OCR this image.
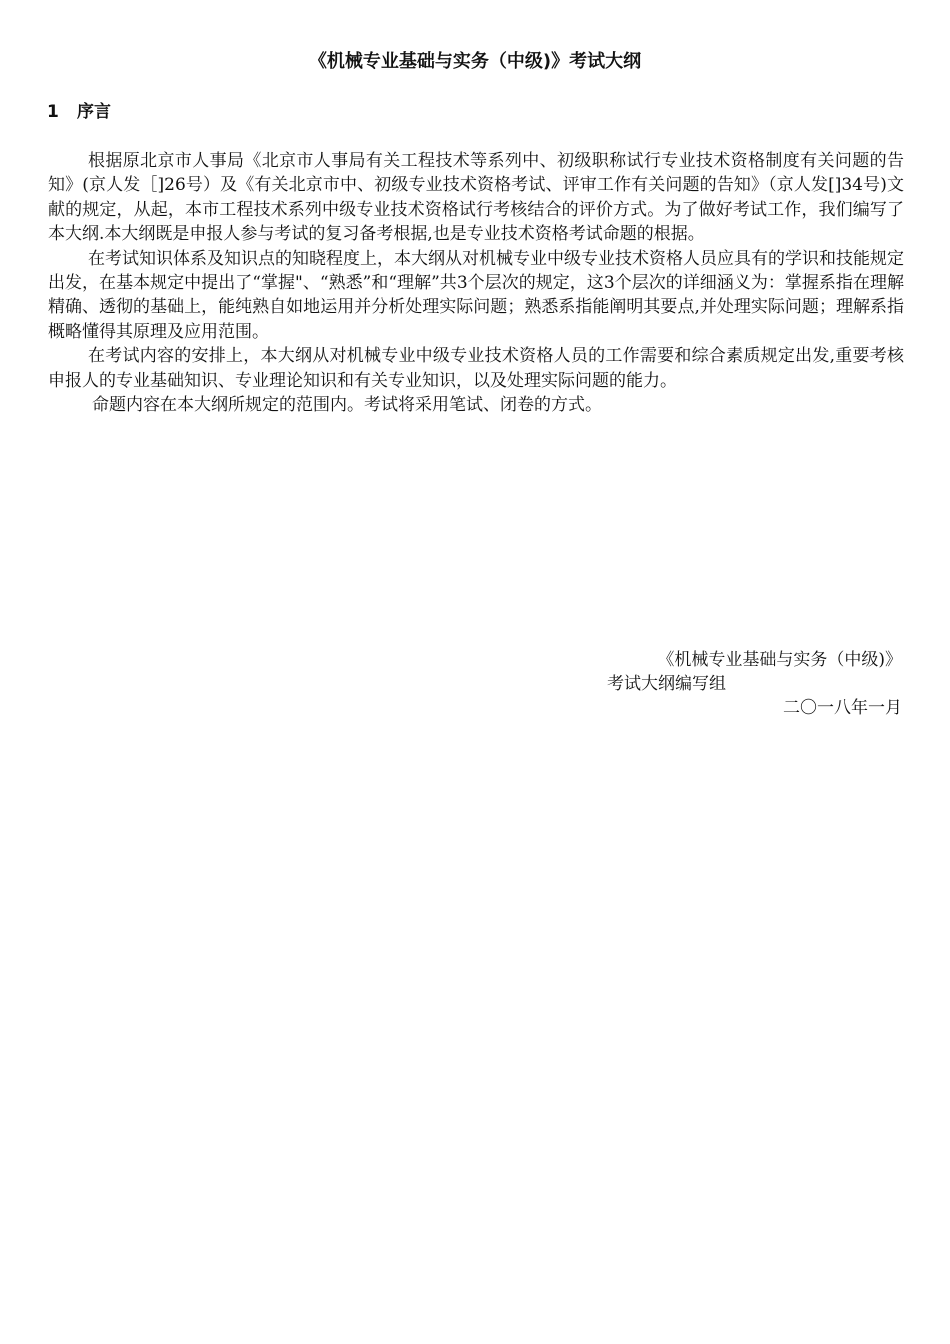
《机械专业基础与实务（中级)》考试大纲
1 序言

根据原北京市人事局《北京市人事局有关工程技术等系列中、初级职称试行专业技术资格制度有关问题的告知》(京人发［]26号）及《有关北京市中、初级专业技术资格考试、评审工作有关问题的告知》（京人发[]34号)文献的规定，从起，本市工程技术系列中级专业技术资格试行考核结合的评价方式。为了做好考试工作，我们编写了本大纲.本大纲既是申报人参与考试的复习备考根据,也是专业技术资格考试命题的根据。

在考试知识体系及知识点的知晓程度上，本大纲从对机械专业中级专业技术资格人员应具有的学识和技能规定出发，在基本规定中提出了“掌握"、“熟悉”和“理解”共3个层次的规定，这3个层次的详细涵义为：掌握系指在理解精确、透彻的基础上，能纯熟自如地运用并分析处理实际问题；熟悉系指能阐明其要点,并处理实际问题；理解系指概略懂得其原理及应用范围。

在考试内容的安排上，本大纲从对机械专业中级专业技术资格人员的工作需要和综合素质规定出发,重要考核申报人的专业基础知识、专业理论知识和有关专业知识，以及处理实际问题的能力。

命题内容在本大纲所规定的范围内。考试将采用笔试、闭卷的方式。

《机械专业基础与实务（中级)》
考试大纲编写组
二〇一八年一月
